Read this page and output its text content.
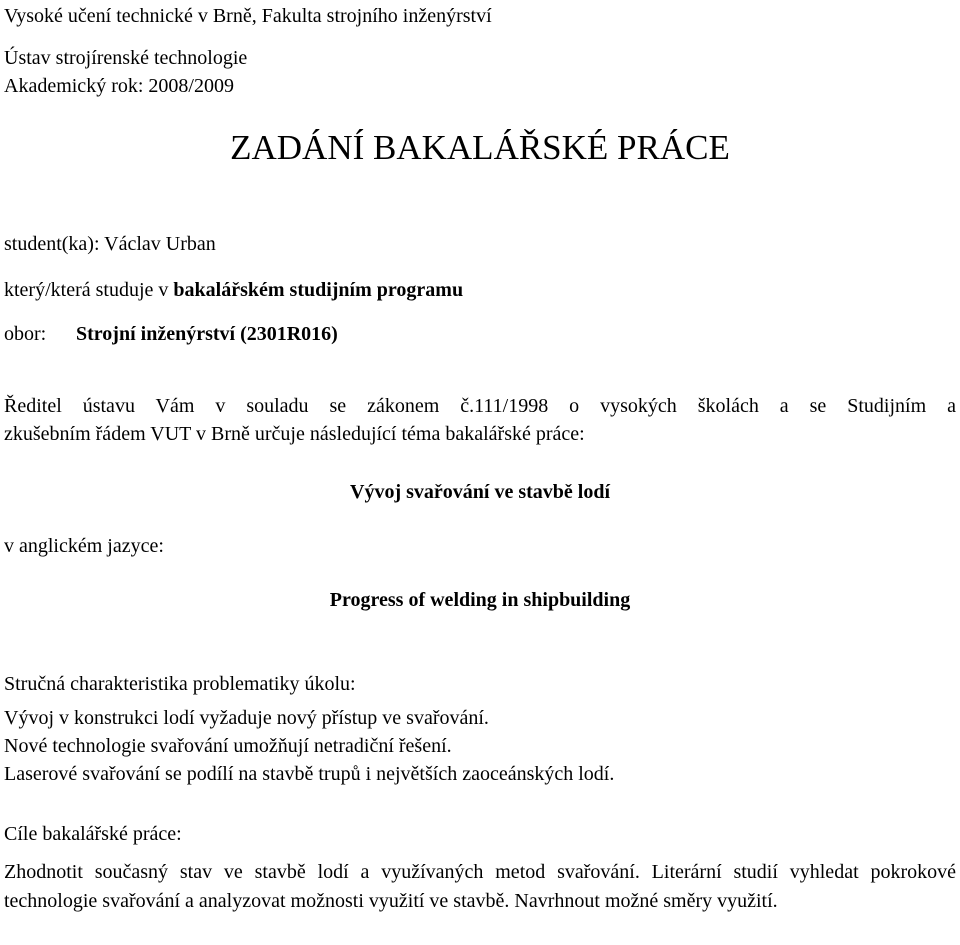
Vysoké učení technické v Brně, Fakulta strojního inženýrství
Ústav strojírenské technologie
Akademický rok: 2008/2009
ZADÁNÍ BAKALÁŘSKÉ PRÁCE
student(ka): Václav Urban
který/která studuje v bakalářském studijním programu
obor: Strojní inženýrství (2301R016)
Ředitel ústavu Vám v souladu se zákonem č.111/1998 o vysokých školách a se Studijním a
zkušebním řádem VUT v Brně určuje následující téma bakalářské práce:
Vývoj svařování ve stavbě lodí
v anglickém jazyce:
Progress of welding in shipbuilding
Stručná charakteristika problematiky úkolu:
Vývoj v konstrukci lodí vyžaduje nový přístup ve svařování.
Nové technologie svařování umožňují netradiční řešení.
Laserové svařování se podílí na stavbě trupů i největších zaoceánských lodí.
Cíle bakalářské práce:
Zhodnotit současný stav ve stavbě lodí a využívaných metod svařování. Literární studií vyhledat pokrokové technologie svařování a analyzovat možnosti využití ve stavbě. Navrhnout možné směry využití.
